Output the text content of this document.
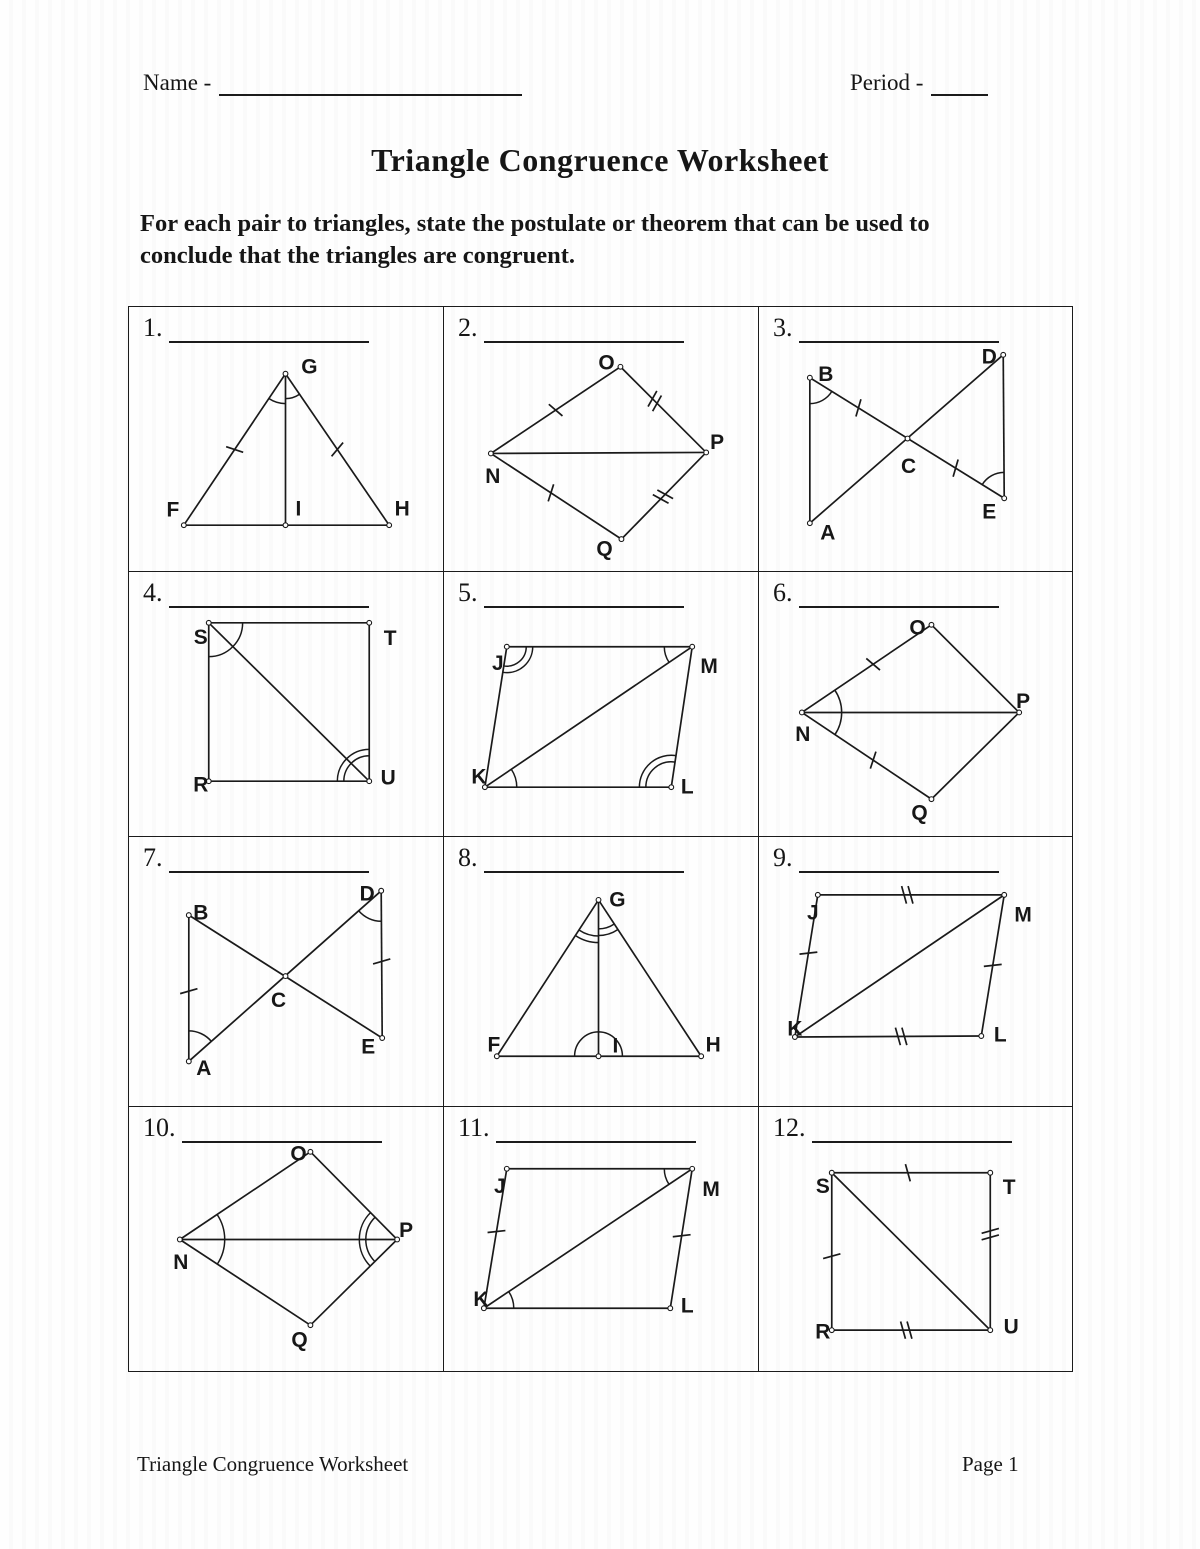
Name -	Period -
Triangle Congruence Worksheet

For each pair to triangles, state the postulate or theorem that can be used to
conclude that the triangles are congruent.

1.
G
F	I	H
2.
O
N
P
Q
3.
B
A
D
E
C
4.
S	T
U
R
5.
J	M
L
K
6.
O
N
P
Q
7.
B
A
D
E
C
8.
G
F	I	H
9.
J	M
L
K
10.
O
N
P
Q
11.
J	M
L
K
12.
S	T
U
R
Triangle Congruence Worksheet	Page 1
